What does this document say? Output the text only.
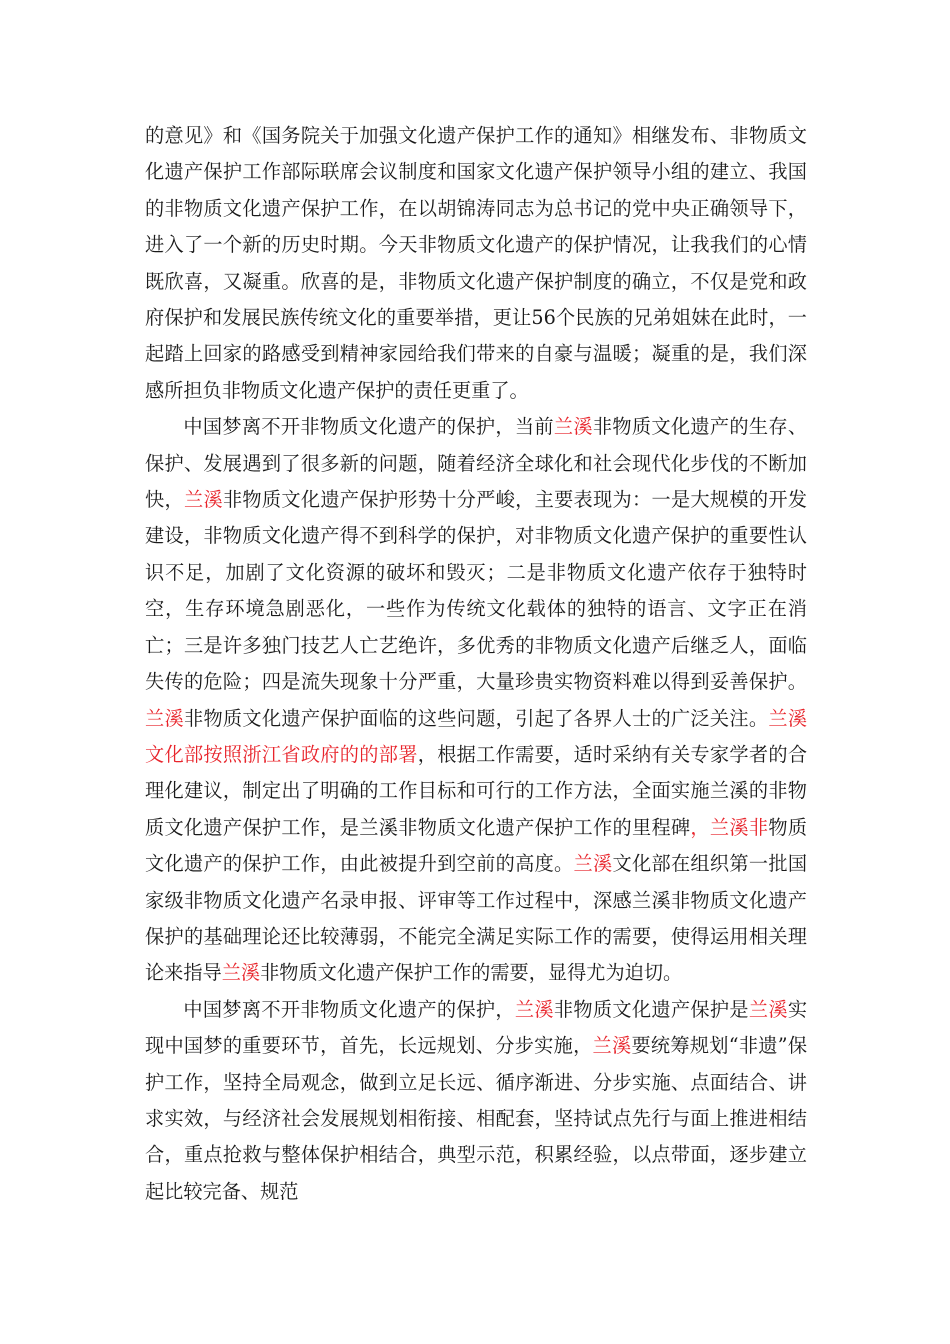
的意见》和《国务院关于加强文化遗产保护工作的通知》相继发布、非物质文化遗产保护工作部际联席会议制度和国家文化遗产保护领导小组的建立、我国的非物质文化遗产保护工作，在以胡锦涛同志为总书记的党中央正确领导下，进入了一个新的历史时期。今天非物质文化遗产的保护情况，让我我们的心情既欣喜，又凝重。欣喜的是，非物质文化遗产保护制度的确立，不仅是党和政府保护和发展民族传统文化的重要举措，更让56个民族的兄弟姐妹在此时，一起踏上回家的路感受到精神家园给我们带来的自豪与温暖；凝重的是，我们深感所担负非物质文化遗产保护的责任更重了。

中国梦离不开非物质文化遗产的保护，当前兰溪非物质文化遗产的生存、保护、发展遇到了很多新的问题，随着经济全球化和社会现代化步伐的不断加快，兰溪非物质文化遗产保护形势十分严峻，主要表现为：一是大规模的开发建设，非物质文化遗产得不到科学的保护，对非物质文化遗产保护的重要性认识不足，加剧了文化资源的破坏和毁灭；二是非物质文化遗产依存于独特时空，生存环境急剧恶化，一些作为传统文化载体的独特的语言、文字正在消亡；三是许多独门技艺人亡艺绝许，多优秀的非物质文化遗产后继乏人，面临失传的危险；四是流失现象十分严重，大量珍贵实物资料难以得到妥善保护。兰溪非物质文化遗产保护面临的这些问题，引起了各界人士的广泛关注。兰溪文化部按照浙江省政府的的部署，根据工作需要，适时采纳有关专家学者的合理化建议，制定出了明确的工作目标和可行的工作方法，全面实施兰溪的非物质文化遗产保护工作，是兰溪非物质文化遗产保护工作的里程碑，兰溪非物质文化遗产的保护工作，由此被提升到空前的高度。兰溪文化部在组织第一批国家级非物质文化遗产名录申报、评审等工作过程中，深感兰溪非物质文化遗产保护的基础理论还比较薄弱，不能完全满足实际工作的需要，使得运用相关理论来指导兰溪非物质文化遗产保护工作的需要，显得尤为迫切。

中国梦离不开非物质文化遗产的保护，兰溪非物质文化遗产保护是兰溪实现中国梦的重要环节，首先，长远规划、分步实施，兰溪要统筹规划“非遗”保护工作，坚持全局观念，做到立足长远、循序渐进、分步实施、点面结合、讲求实效，与经济社会发展规划相衔接、相配套，坚持试点先行与面上推进相结合，重点抢救与整体保护相结合，典型示范，积累经验，以点带面，逐步建立起比较完备、规范
